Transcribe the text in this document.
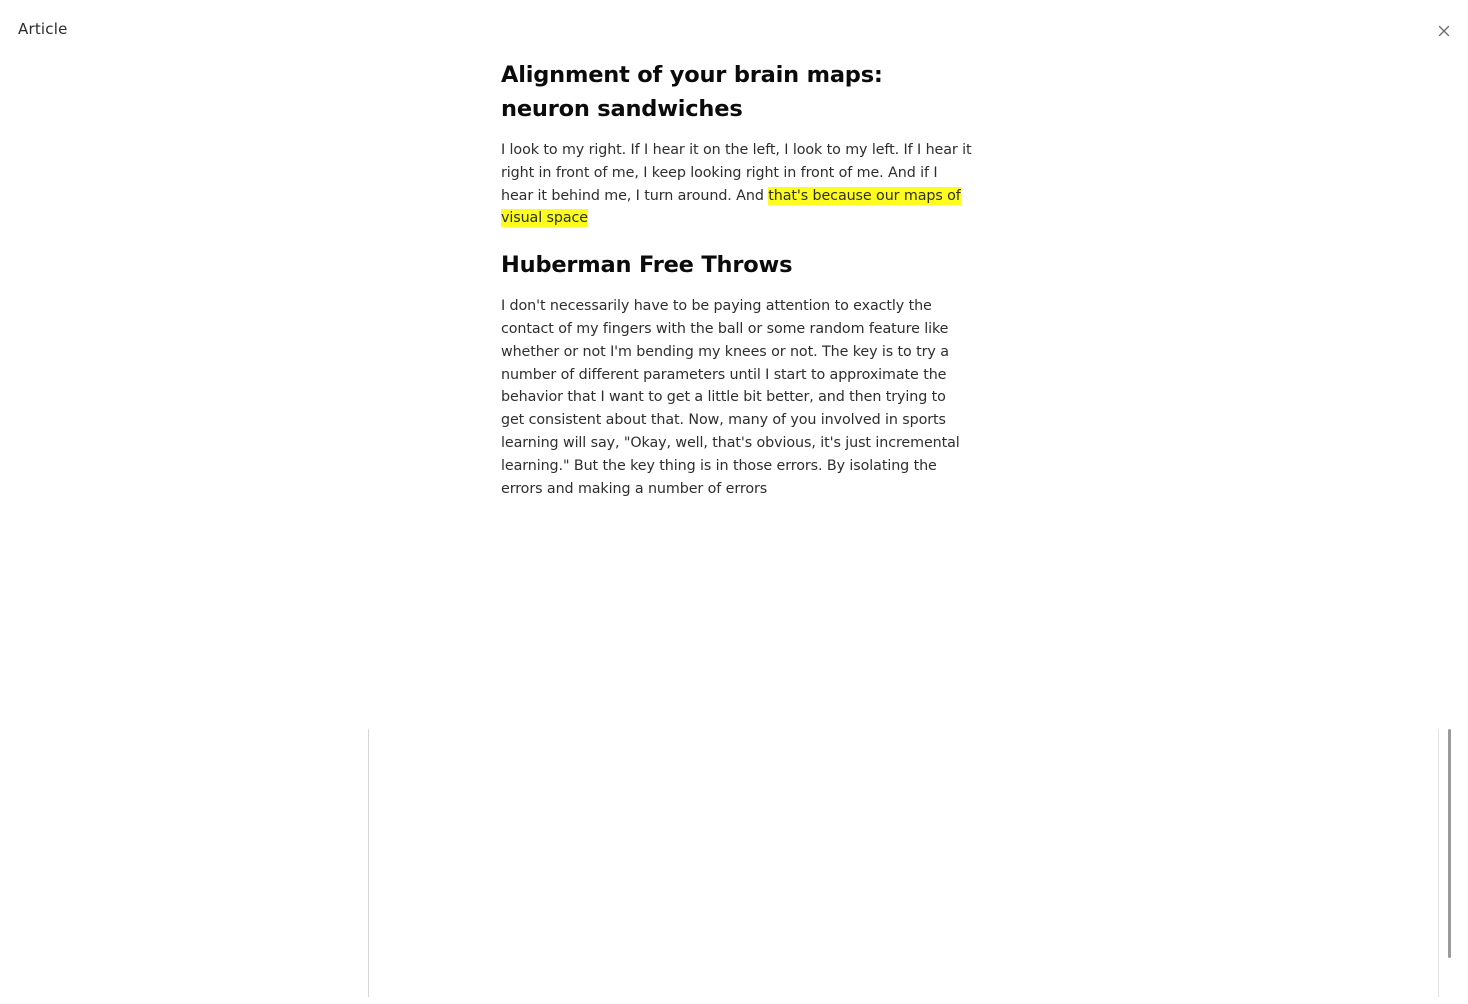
Article
Alignment of your brain maps: neuron sandwiches

I look to my right. If I hear it on the left, I look to my left. If I hear it right in front of me, I keep looking right in front of me. And if I hear it behind me, I turn around. And that's because our maps of visual space

Huberman Free Throws

I don't necessarily have to be paying attention to exactly the contact of my fingers with the ball or some random feature like whether or not I'm bending my knees or not. The key is to try a number of different parameters until I start to approximate the behavior that I want to get a little bit better, and then trying to get consistent about that. Now, many of you involved in sports learning will say, "Okay, well, that's obvious, it's just incremental learning." But the key thing is in those errors. By isolating the errors and making a number of errors
